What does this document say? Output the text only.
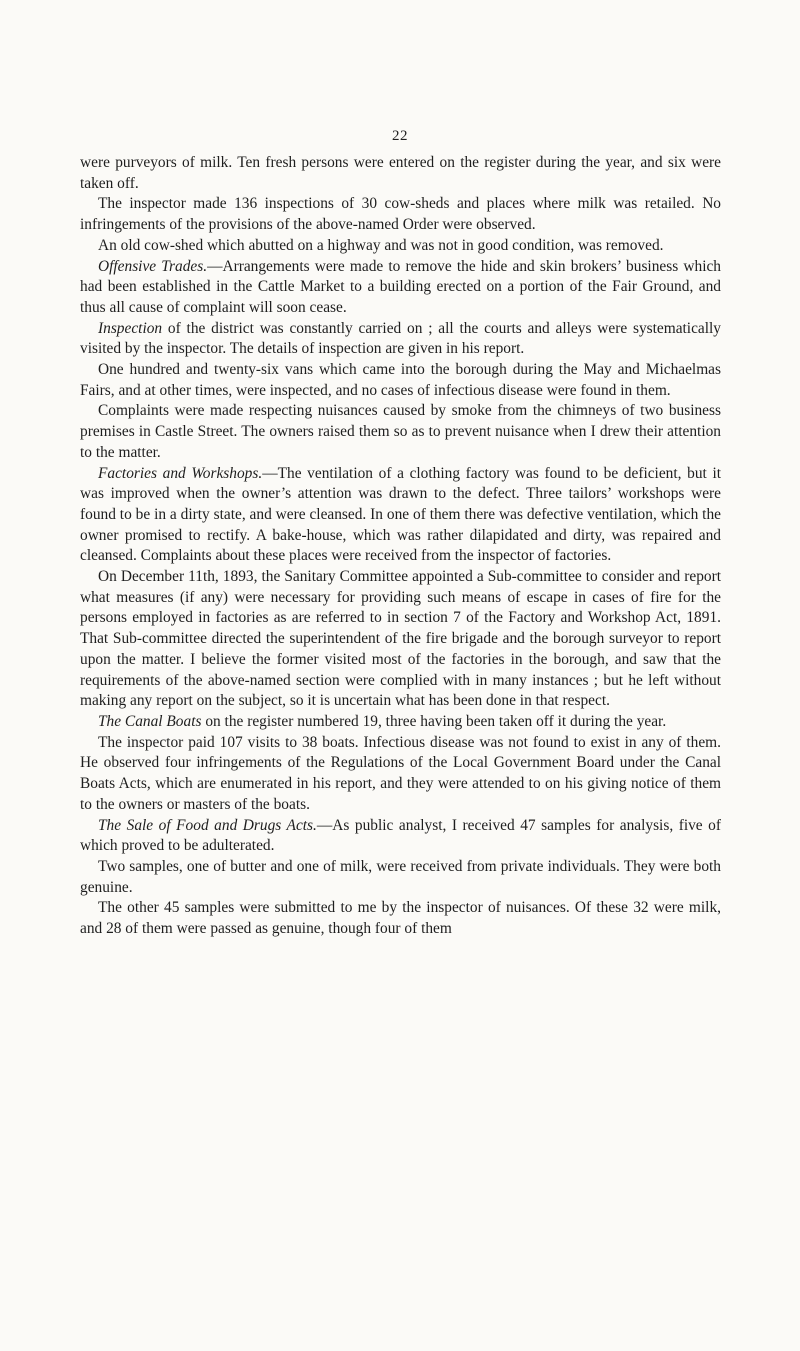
22

were purveyors of milk. Ten fresh persons were entered on the register during the year, and six were taken off.

The inspector made 136 inspections of 30 cow-sheds and places where milk was retailed. No infringements of the provisions of the above-named Order were observed.

An old cow-shed which abutted on a highway and was not in good condition, was removed.

Offensive Trades.—Arrangements were made to remove the hide and skin brokers’ business which had been established in the Cattle Market to a building erected on a portion of the Fair Ground, and thus all cause of complaint will soon cease.

Inspection of the district was constantly carried on ; all the courts and alleys were systematically visited by the inspector. The details of inspection are given in his report.

One hundred and twenty-six vans which came into the borough during the May and Michaelmas Fairs, and at other times, were inspected, and no cases of infectious disease were found in them.

Complaints were made respecting nuisances caused by smoke from the chimneys of two business premises in Castle Street. The owners raised them so as to prevent nuisance when I drew their attention to the matter.

Factories and Workshops.—The ventilation of a clothing factory was found to be deficient, but it was improved when the owner’s attention was drawn to the defect. Three tailors’ workshops were found to be in a dirty state, and were cleansed. In one of them there was defective ventilation, which the owner promised to rectify. A bake-house, which was rather dilapidated and dirty, was repaired and cleansed. Complaints about these places were received from the inspector of factories.

On December 11th, 1893, the Sanitary Committee appointed a Sub-committee to consider and report what measures (if any) were necessary for providing such means of escape in cases of fire for the persons employed in factories as are referred to in section 7 of the Factory and Workshop Act, 1891. That Sub-committee directed the superintendent of the fire brigade and the borough surveyor to report upon the matter. I believe the former visited most of the factories in the borough, and saw that the requirements of the above-named section were complied with in many instances ; but he left without making any report on the subject, so it is uncertain what has been done in that respect.

The Canal Boats on the register numbered 19, three having been taken off it during the year.

The inspector paid 107 visits to 38 boats. Infectious disease was not found to exist in any of them. He observed four infringements of the Regulations of the Local Government Board under the Canal Boats Acts, which are enumerated in his report, and they were attended to on his giving notice of them to the owners or masters of the boats.

The Sale of Food and Drugs Acts.—As public analyst, I received 47 samples for analysis, five of which proved to be adulterated.

Two samples, one of butter and one of milk, were received from private individuals. They were both genuine.

The other 45 samples were submitted to me by the inspector of nuisances. Of these 32 were milk, and 28 of them were passed as genuine, though four of them
